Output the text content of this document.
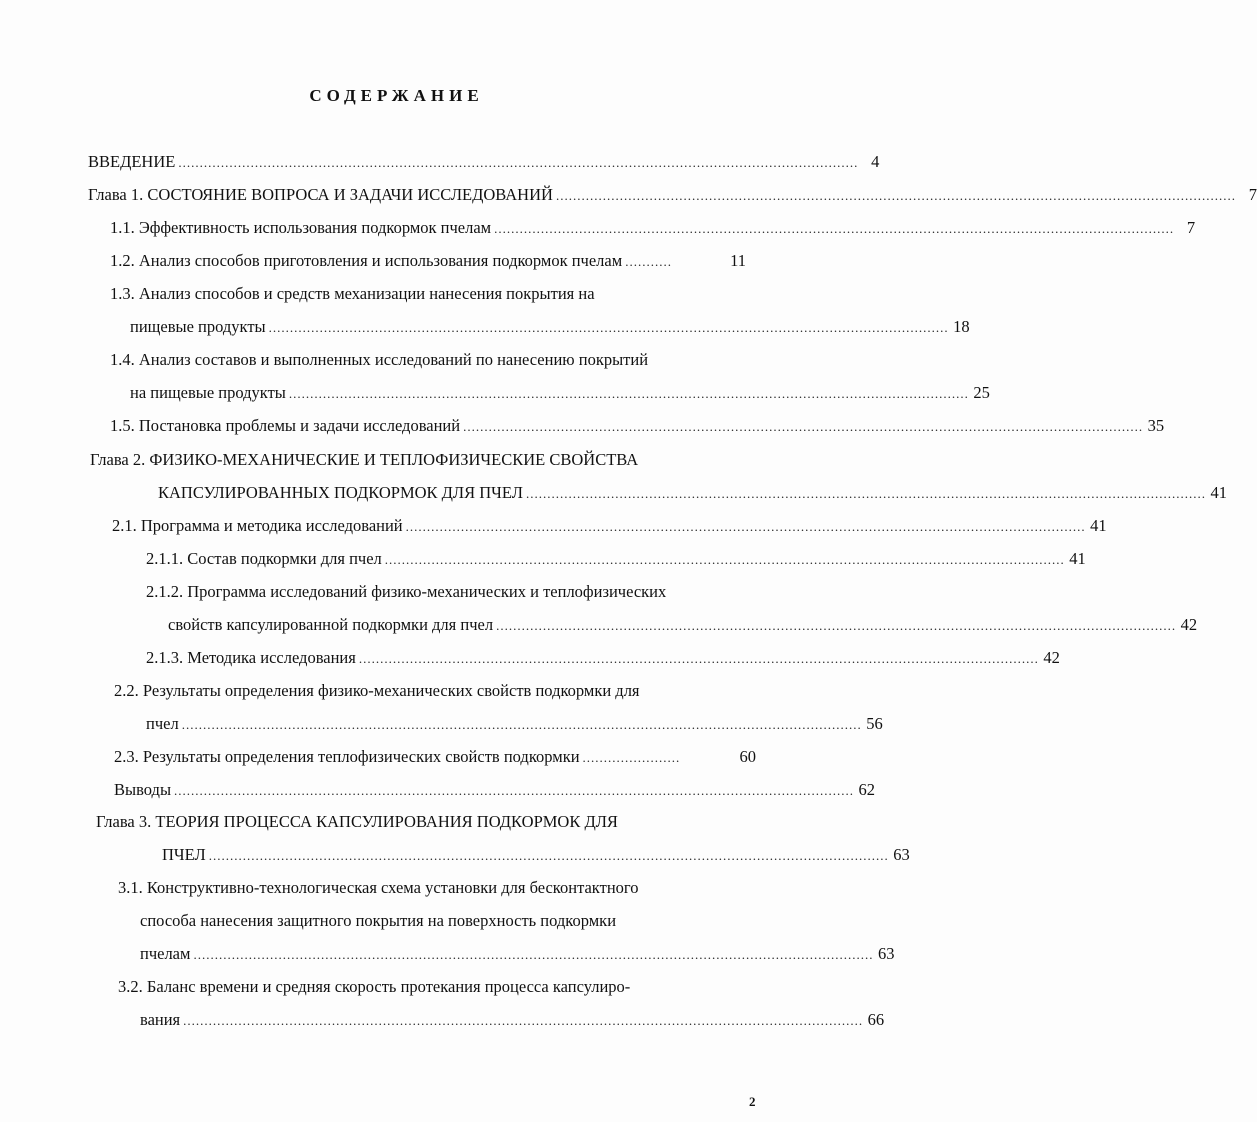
СОДЕРЖАНИЕ
ВВЕДЕНИЕ ................................................................................................................................................................ 4
Глава 1. СОСТОЯНИЕ ВОПРОСА И ЗАДАЧИ ИССЛЕДОВАНИЙ ................................................................................................................................................................ 7
1.1. Эффективность использования подкормок пчелам ................................................................................................................................................................ 7
1.2. Анализ способов приготовления и использования подкормок пчелам ...........	11
1.3. Анализ способов и средств механизации нанесения покрытия на
пищевые продукты ................................................................................................................................................................ 18
1.4. Анализ составов и выполненных исследований по нанесению покрытий
на пищевые продукты ................................................................................................................................................................ 25
1.5. Постановка проблемы и задачи исследований ................................................................................................................................................................ 35
Глава 2. ФИЗИКО-МЕХАНИЧЕСКИЕ И ТЕПЛОФИЗИЧЕСКИЕ СВОЙСТВА
КАПСУЛИРОВАННЫХ ПОДКОРМОК ДЛЯ ПЧЕЛ ................................................................................................................................................................ 41
2.1. Программа и методика исследований ................................................................................................................................................................ 41
2.1.1. Состав подкормки для пчел ................................................................................................................................................................ 41
2.1.2. Программа исследований физико-механических и теплофизических
свойств капсулированной подкормки для пчел ................................................................................................................................................................ 42
2.1.3. Методика исследования ................................................................................................................................................................ 42
2.2. Результаты определения физико-механических свойств подкормки для
пчел ................................................................................................................................................................ 56
2.3. Результаты определения теплофизических свойств подкормки .......................	60
Выводы ................................................................................................................................................................ 62
Глава 3. ТЕОРИЯ ПРОЦЕССА КАПСУЛИРОВАНИЯ ПОДКОРМОК ДЛЯ
ПЧЕЛ ................................................................................................................................................................ 63
3.1. Конструктивно-технологическая схема установки для бесконтактного
способа нанесения защитного покрытия на поверхность подкормки
пчелам ................................................................................................................................................................ 63
3.2. Баланс времени и средняя скорость протекания процесса капсулиро-
вания ................................................................................................................................................................ 66
2
